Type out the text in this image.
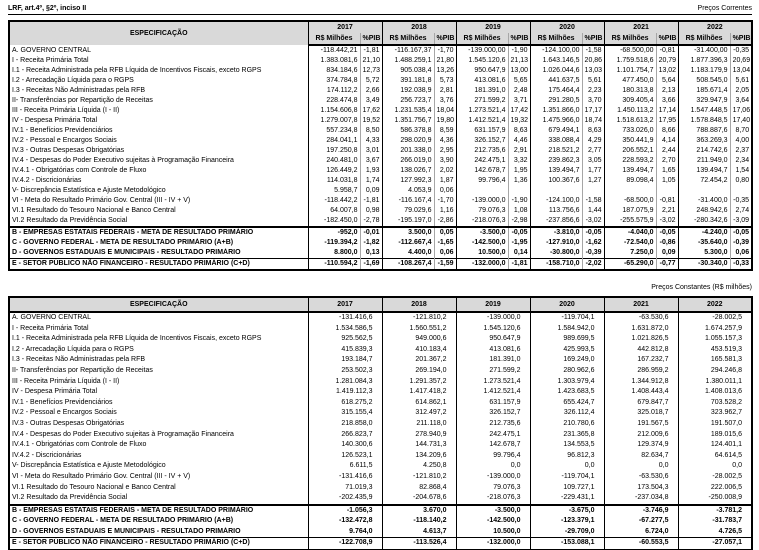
LRF, art.4º, §2º, inciso II	Preços Correntes
ESPECIFICAÇÃO	2017		2018		2019		2020		2021		2022	
	R$ Milhões	%PIB	R$ Milhões	%PIB	R$ Milhões	%PIB	R$ Milhões	%PIB	R$ Milhões	%PIB	R$ Milhões	%PIB
A. GOVERNO CENTRAL	-118.442,21	-1,81	-116.167,37	-1,70	-139.000,00	-1,90	-124.100,00	-1,58	-68.500,00	-0,81	-31.400,00	-0,35
I - Receita Primária Total	1.383.081,6	21,10	1.488.259,1	21,80	1.545.120,6	21,13	1.643.146,5	20,86	1.759.518,6	20,79	1.877.396,3	20,69
I.1 - Receita Administrada pela RFB Líquida de Incentivos Fiscais, exceto RGPS	834.184,6	12,73	905.038,4	13,26	950.647,9	13,00	1.026.044,6	13,03	1.101.754,7	13,02	1.183.179,9	13,04
I.2 - Arrecadação Líquida para o RGPS	374.784,8	5,72	391.181,8	5,73	413.081,6	5,65	441.637,5	5,61	477.450,0	5,64	508.545,0	5,61
I.3 - Receitas Não Administradas pela RFB	174.112,2	2,66	192.038,9	2,81	181.391,0	2,48	175.464,4	2,23	180.313,8	2,13	185.671,4	2,05
II- Transferências por Repartição de Receitas	228.474,8	3,49	256.723,7	3,76	271.599,2	3,71	291.280,5	3,70	309.405,4	3,66	329.947,9	3,64
III - Receita Primária Líquida (I - II)	1.154.606,8	17,62	1.231.535,4	18,04	1.273.521,4	17,42	1.351.866,0	17,17	1.450.113,2	17,14	1.547.448,5	17,06
IV - Despesa Primária Total	1.279.007,8	19,52	1.351.756,7	19,80	1.412.521,4	19,32	1.475.966,0	18,74	1.518.613,2	17,95	1.578.848,5	17,40
IV.1 - Benefícios Previdenciários	557.234,8	8,50	586.378,8	8,59	631.157,9	8,63	679.494,1	8,63	733.026,0	8,66	788.887,6	8,70
IV.2 - Pessoal e Encargos Sociais	284.041,1	4,33	298.020,9	4,36	326.152,7	4,46	338.088,4	4,29	350.441,9	4,14	363.269,3	4,00
IV.3 - Outras Despesas Obrigatórias	197.250,8	3,01	201.338,0	2,95	212.735,6	2,91	218.521,2	2,77	206.552,1	2,44	214.742,6	2,37
IV.4 - Despesas do Poder Executivo sujeitas à Programação Financeira	240.481,0	3,67	266.019,0	3,90	242.475,1	3,32	239.862,3	3,05	228.593,2	2,70	211.949,0	2,34
IV.4.1 - Obrigatórias com Controle de Fluxo	126.449,2	1,93	138.026,7	2,02	142.678,7	1,95	139.494,7	1,77	139.494,7	1,65	139.494,7	1,54
IV.4.2 - Discricionárias	114.031,8	1,74	127.992,3	1,87	99.796,4	1,36	100.367,6	1,27	89.098,4	1,05	72.454,2	0,80
V- Discrepância Estatística e Ajuste Metodológico	5.958,7	0,09	4.053,9	0,06								
VI - Meta do Resultado Primário Gov. Central (III - IV + V)	-118.442,2	-1,81	-116.167,4	-1,70	-139.000,0	-1,90	-124.100,0	-1,58	-68.500,0	-0,81	-31.400,0	-0,35
VI.1 Resultado do Tesouro Nacional e Banco Central	64.007,8	0,98	79.029,6	1,16	79.076,3	1,08	113.756,6	1,44	187.075,9	2,21	248.942,6	2,74
VI.2 Resultado da Previdência Social	-182.450,0	-2,78	-195.197,0	-2,86	-218.076,3	-2,98	-237.856,6	-3,02	-255.575,9	-3,02	-280.342,6	-3,09
B - EMPRESAS ESTATAIS FEDERAIS - META DE RESULTADO PRIMÁRIO	-952,0	-0,01	3.500,0	0,05	-3.500,0	-0,05	-3.810,0	-0,05	-4.040,0	-0,05	-4.240,0	-0,05
C - GOVERNO FEDERAL - META DE RESULTADO PRIMÁRIO (A+B)	-119.394,2	-1,82	-112.667,4	-1,65	-142.500,0	-1,95	-127.910,0	-1,62	-72.540,0	-0,86	-35.640,0	-0,39
D - GOVERNOS ESTADUAIS E MUNICIPAIS - RESULTADO PRIMÁRIO	8.800,0	0,13	4.400,0	0,06	10.500,0	0,14	-30.800,0	-0,39	7.250,0	0,09	5.300,0	0,06
E - SETOR PÚBLICO NÃO FINANCEIRO - RESULTADO PRIMÁRIO (C+D)	-110.594,2	-1,69	-108.267,4	-1,59	-132.000,0	-1,81	-158.710,0	-2,02	-65.290,0	-0,77	-30.340,0	-0,33
Preços Constantes (R$ milhões)
ESPECIFICAÇÃO	2017	2018	2019	2020	2021	2022
A. GOVERNO CENTRAL	-131.416,6	-121.810,2	-139.000,0	-119.704,1	-63.530,6	-28.002,5
I - Receita Primária Total	1.534.586,5	1.560.551,2	1.545.120,6	1.584.942,0	1.631.872,0	1.674.257,9
I.1 - Receita Administrada pela RFB Líquida de Incentivos Fiscais, exceto RGPS	925.562,5	949.000,6	950.647,9	989.699,5	1.021.826,5	1.055.157,3
I.2 - Arrecadação Líquida para o RGPS	415.839,3	410.183,4	413.081,6	425.993,5	442.812,8	453.519,3
I.3 - Receitas Não Administradas pela RFB	193.184,7	201.367,2	181.391,0	169.249,0	167.232,7	165.581,3
II- Transferências por Repartição de Receitas	253.502,3	269.194,0	271.599,2	280.962,6	286.959,2	294.246,8
III - Receita Primária Líquida (I - II)	1.281.084,3	1.291.357,2	1.273.521,4	1.303.979,4	1.344.912,8	1.380.011,1
IV - Despesa Primária Total	1.419.112,3	1.417.418,2	1.412.521,4	1.423.683,5	1.408.443,4	1.408.013,6
IV.1 - Benefícios Previdenciários	618.275,2	614.862,1	631.157,9	655.424,7	679.847,7	703.528,2
IV.2 - Pessoal e Encargos Sociais	315.155,4	312.497,2	326.152,7	326.112,4	325.018,7	323.962,7
IV.3 - Outras Despesas Obrigatórias	218.858,0	211.118,0	212.735,6	210.780,6	191.567,5	191.507,0
IV.4 - Despesas do Poder Executivo sujeitas à Programação Financeira	266.823,7	278.940,9	242.475,1	231.365,8	212.009,6	189.015,6
IV.4.1 - Obrigatórias com Controle de Fluxo	140.300,6	144.731,3	142.678,7	134.553,5	129.374,9	124.401,1
IV.4.2 - Discricionárias	126.523,1	134.209,6	99.796,4	96.812,3	82.634,7	64.614,5
V- Discrepância Estatística e Ajuste Metodológico	6.611,5	4.250,8	0,0	0,0	0,0	0,0
VI - Meta do Resultado Primário Gov. Central (III - IV + V)	-131.416,6	-121.810,2	-139.000,0	-119.704,1	-63.530,6	-28.002,5
VI.1 Resultado do Tesouro Nacional e Banco Central	71.019,3	82.868,4	79.076,3	109.727,1	173.504,3	222.006,5
VI.2 Resultado da Previdência Social	-202.435,9	-204.678,6	-218.076,3	-229.431,1	-237.034,8	-250.008,9
B - EMPRESAS ESTATAIS FEDERAIS - META DE RESULTADO PRIMÁRIO	-1.056,3	3.670,0	-3.500,0	-3.675,0	-3.746,9	-3.781,2
C - GOVERNO FEDERAL - META DE RESULTADO PRIMÁRIO (A+B)	-132.472,8	-118.140,2	-142.500,0	-123.379,1	-67.277,5	-31.783,7
D - GOVERNOS ESTADUAIS E MUNICIPAIS - RESULTADO PRIMÁRIO	9.764,0	4.613,7	10.500,0	-29.709,0	6.724,0	4.726,5
E - SETOR PÚBLICO NÃO FINANCEIRO - RESULTADO PRIMÁRIO (C+D)	-122.708,9	-113.526,4	-132.000,0	-153.088,1	-60.553,5	-27.057,1
